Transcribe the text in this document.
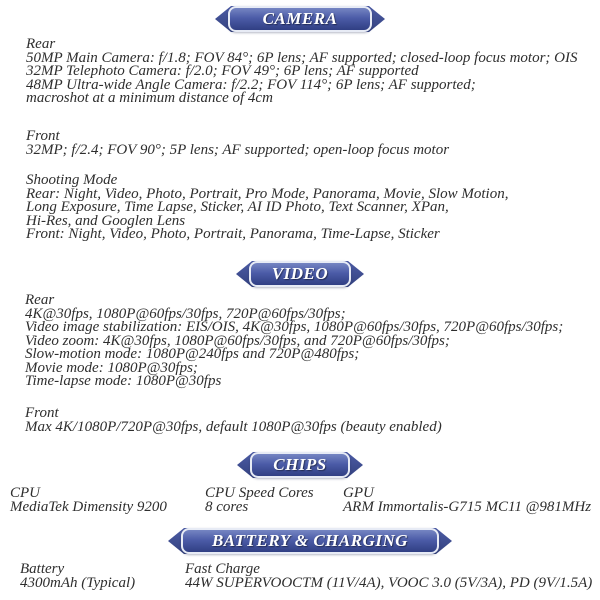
CAMERA
Rear
50MP Main Camera: f/1.8; FOV 84°; 6P lens; AF supported; closed-loop focus motor; OIS
32MP Telephoto Camera: f/2.0; FOV 49°; 6P lens; AF supported
48MP Ultra-wide Angle Camera: f/2.2; FOV 114°; 6P lens; AF supported;
macroshot at a minimum distance of 4cm
Front
32MP; f/2.4; FOV 90°; 5P lens; AF supported; open-loop focus motor
Shooting Mode
Rear: Night, Video, Photo, Portrait, Pro Mode, Panorama, Movie, Slow Motion,
Long Exposure, Time Lapse, Sticker, AI ID Photo, Text Scanner, XPan,
Hi-Res, and Googlen Lens
Front: Night, Video, Photo, Portrait, Panorama, Time-Lapse, Sticker
VIDEO
Rear
4K@30fps, 1080P@60fps/30fps, 720P@60fps/30fps;
Video image stabilization: EIS/OIS, 4K@30fps, 1080P@60fps/30fps, 720P@60fps/30fps;
Video zoom: 4K@30fps, 1080P@60fps/30fps, and 720P@60fps/30fps;
Slow-motion mode: 1080P@240fps and 720P@480fps;
Movie mode: 1080P@30fps;
Time-lapse mode: 1080P@30fps
Front
Max 4K/1080P/720P@30fps, default 1080P@30fps (beauty enabled)
CHIPS
CPU
MediaTek Dimensity 9200
CPU Speed Cores
8 cores
GPU
ARM Immortalis-G715 MC11 @981MHz
BATTERY & CHARGING
Battery
4300mAh (Typical)
Fast Charge
44W SUPERVOOCTM (11V/4A), VOOC 3.0 (5V/3A), PD (9V/1.5A)
